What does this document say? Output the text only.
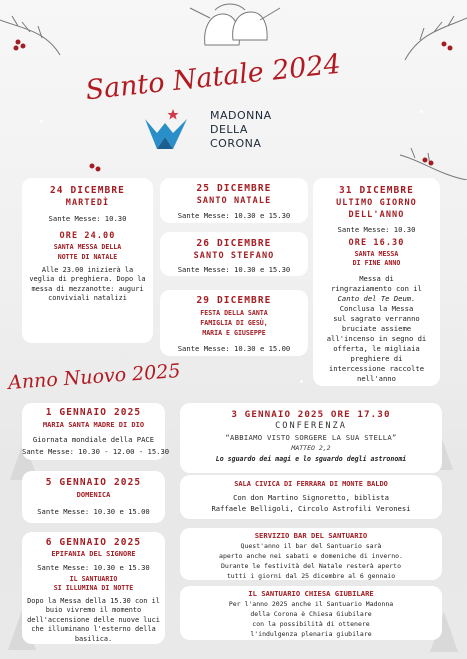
Santo Natale 2024
MADONNA
DELLA
CORONA
24 DICEMBRE
MARTEDÌ
Sante Messe: 10.30
ORE 24.00
SANTA MESSA DELLA
NOTTE DI NATALE
Alle 23.00 inizierà la veglia di preghiera. Dopo la messa di mezzanotte: auguri conviviali natalizi
25 DICEMBRE
SANTO NATALE
Sante Messe: 10.30 e 15.30
26 DICEMBRE
SANTO STEFANO
Sante Messe: 10.30 e 15.30
29 DICEMBRE
FESTA DELLA SANTA
FAMIGLIA DI GESÙ,
MARIA E GIUSEPPE
Sante Messe: 10.30 e 15.00
31 DICEMBRE
ULTIMO GIORNO
DELL'ANNO
Sante Messe: 10.30
ORE 16.30
SANTA MESSA
DI FINE ANNO
Messa di
ringraziamento con il
Canto del Te Deum.
Conclusa la Messa
sul sagrato verranno
bruciate assieme
all'incenso in segno di
offerta, le migliaia
preghiere di
intercessione raccolte
nell'anno
Anno Nuovo 2025
1 GENNAIO 2025
MARIA SANTA MADRE DI DIO
Giornata mondiale della PACE
Sante Messe: 10.30 - 12.00 - 15.30
5 GENNAIO 2025
DOMENICA
Sante Messe: 10.30 e 15.00
6 GENNAIO 2025
EPIFANIA DEL SIGNORE
Sante Messe: 10.30 e 15.30
IL SANTUARIO
SI ILLUMINA DI NOTTE
Dopo la Messa della 15.30 con il buio vivremo il momento dell'accensione delle nuove luci che illuminano l'esterno della basilica.
3 GENNAIO 2025 ORE 17.30
CONFERENZA
“ABBIAMO VISTO SORGERE LA SUA STELLA”
MATTEO 2,2
Lo sguardo dei magi e lo sguardo degli astronomi
SALA CIVICA DI FERRARA DI MONTE BALDO
Con don Martino Signoretto, biblista
Raffaele Belligoli, Circolo Astrofili Veronesi
SERVIZIO BAR DEL SANTUARIO
Quest'anno il bar del Santuario sarà
aperto anche nei sabati e domeniche di inverno.
Durante le festività del Natale resterà aperto
tutti i giorni dal 25 dicembre al 6 gennaio
IL SANTUARIO CHIESA GIUBILARE
Per l'anno 2025 anche il Santuario Madonna
della Corona è Chiesa Giubilare
con la possibilità di ottenere
l'indulgenza plenaria giubilare
